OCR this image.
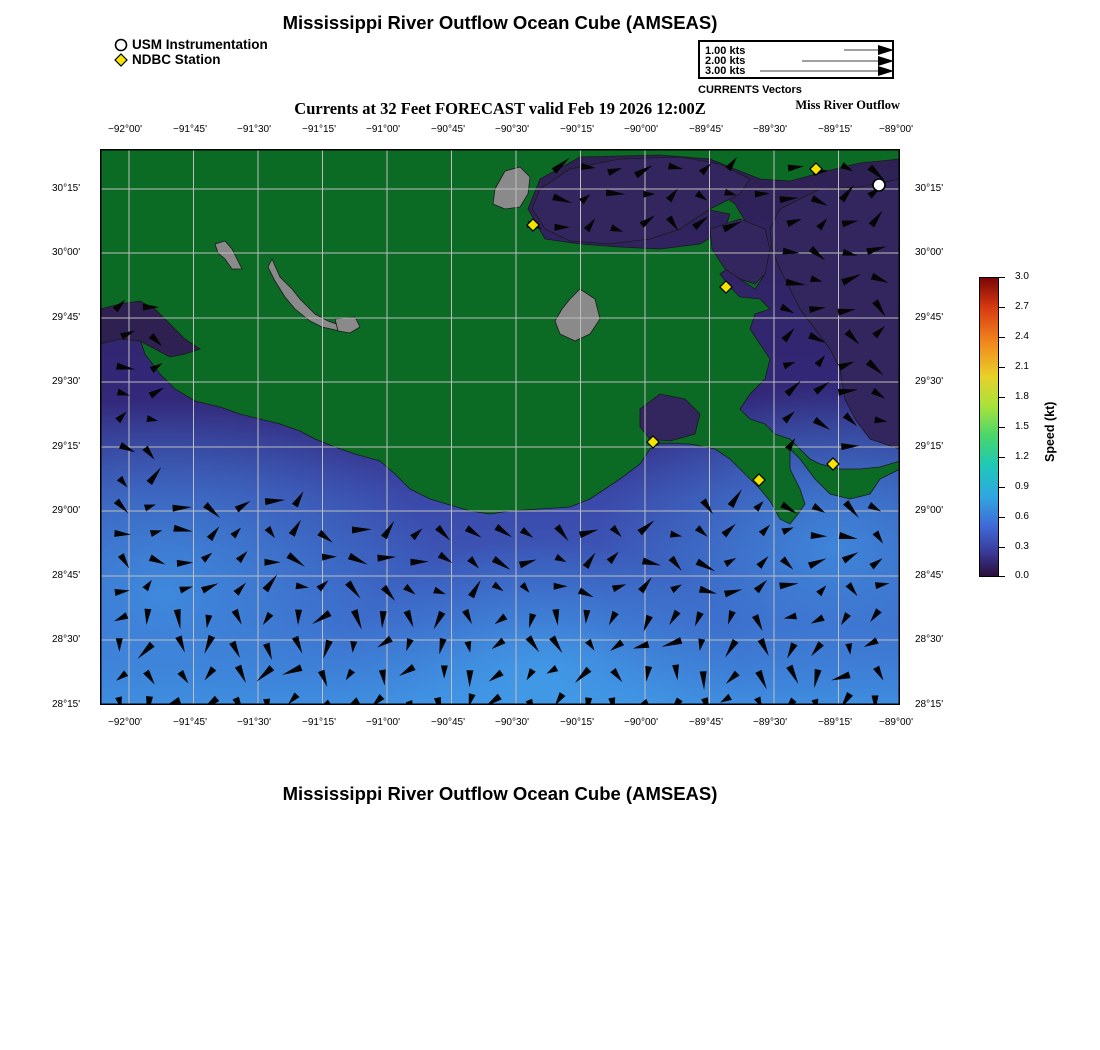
Mississippi River Outflow Ocean Cube (AMSEAS)
USM Instrumentation
NDBC Station
1.00 kts
2.00 kts
3.00 kts
CURRENTS Vectors
Currents at 32 Feet FORECAST valid Feb 19 2026 12:00Z	Miss River Outflow
−92°00'	−91°45'	−91°30'	−91°15'	−91°00'	−90°45'	−90°30'	−90°15'	−90°00'	−89°45'	−89°30'	−89°15'	−89°00'
−92°00'	−91°45'	−91°30'	−91°15'	−91°00'	−90°45'	−90°30'	−90°15'	−90°00'	−89°45'	−89°30'	−89°15'	−89°00'
30°15'
30°00'
29°45'
29°30'
29°15'
29°00'
28°45'
28°30'
28°15'
30°15'
30°00'
29°45'
29°30'
29°15'
29°00'
28°45'
28°30'
28°15'
3.0
2.7
2.4
2.1
1.8
1.5
1.2
0.9
0.6
0.3
0.0
Speed (kt)
Mississippi River Outflow Ocean Cube (AMSEAS)
